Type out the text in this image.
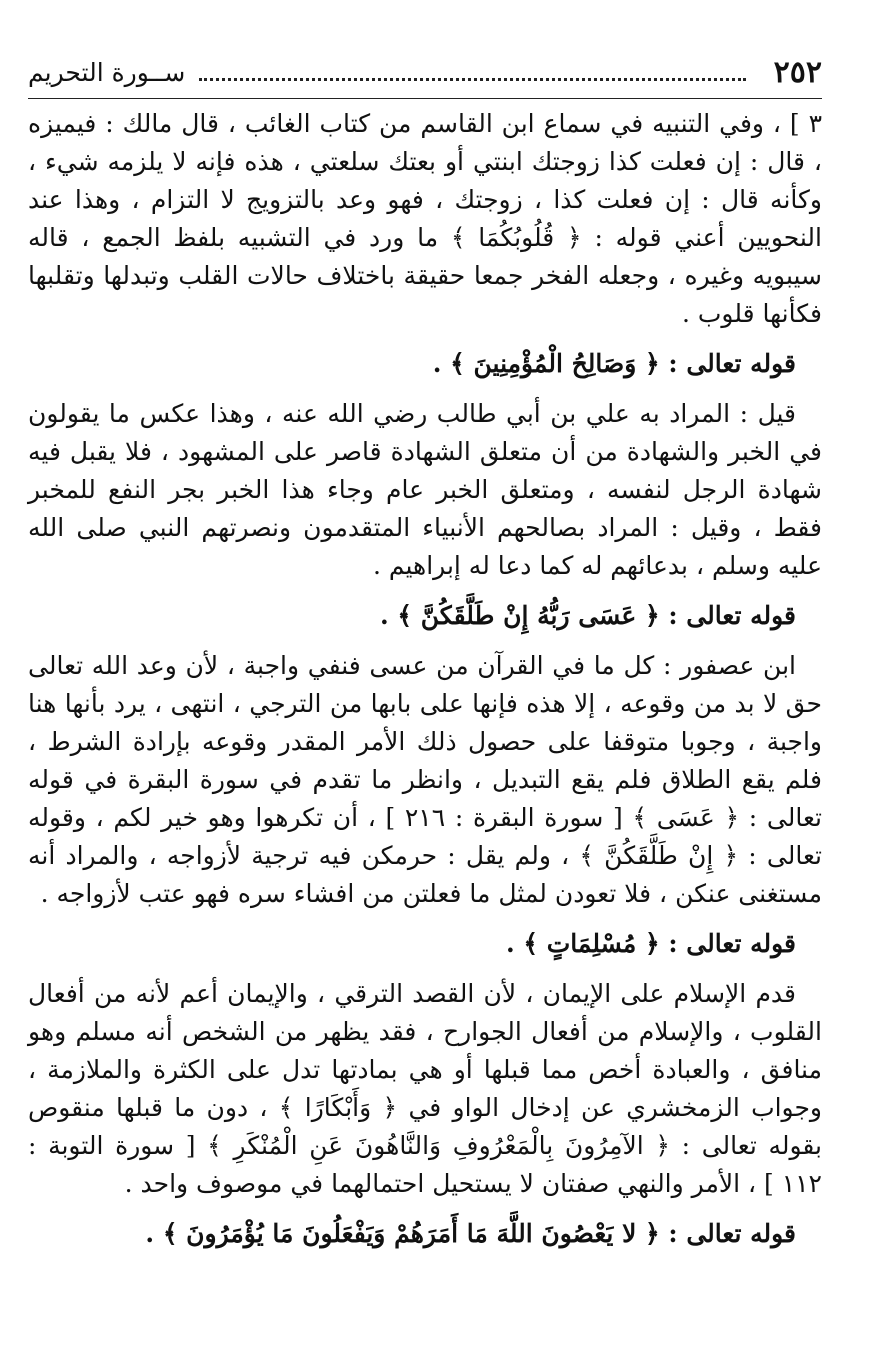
٢٥٢
ســورة التحريم

٣ ] ، وفي التنبيه في سماع ابن القاسم من كتاب الغائب ، قال مالك : فيميزه ، قال : إن فعلت كذا زوجتك ابنتي أو بعتك سلعتي ، هذه فإنه لا يلزمه شيء ، وكأنه قال : إن فعلت كذا ، زوجتك ، فهو وعد بالتزويج لا التزام ، وهذا عند النحويين أعني قوله : ﴿ قُلُوبُكُمَا ﴾ ما ورد في التشبيه بلفظ الجمع ، قاله سيبويه وغيره ، وجعله الفخر جمعا حقيقة باختلاف حالات القلب وتبدلها وتقلبها فكأنها قلوب .

قوله تعالى : ﴿ وَصَالِحُ الْمُؤْمِنِينَ ﴾ .

قيل : المراد به علي بن أبي طالب رضي الله عنه ، وهذا عكس ما يقولون في الخبر والشهادة من أن متعلق الشهادة قاصر على المشهود ، فلا يقبل فيه شهادة الرجل لنفسه ، ومتعلق الخبر عام وجاء هذا الخبر بجر النفع للمخبر فقط ، وقيل : المراد بصالحهم الأنبياء المتقدمون ونصرتهم النبي صلى الله عليه وسلم ، بدعائهم له كما دعا له إبراهيم .

قوله تعالى : ﴿ عَسَى رَبُّهُ إِنْ طَلَّقَكُنَّ ﴾ .

ابن عصفور : كل ما في القرآن من عسى فنفي واجبة ، لأن وعد الله تعالى حق لا بد من وقوعه ، إلا هذه فإنها على بابها من الترجي ، انتهى ، يرد بأنها هنا واجبة ، وجوبا متوقفا على حصول ذلك الأمر المقدر وقوعه بإرادة الشرط ، فلم يقع الطلاق فلم يقع التبديل ، وانظر ما تقدم في سورة البقرة في قوله تعالى : ﴿ عَسَى ﴾ [ سورة البقرة : ٢١٦ ] ، أن تكرهوا وهو خير لكم ، وقوله تعالى : ﴿ إِنْ طَلَّقَكُنَّ ﴾ ، ولم يقل : حرمكن فيه ترجية لأزواجه ، والمراد أنه مستغنى عنكن ، فلا تعودن لمثل ما فعلتن من افشاء سره فهو عتب لأزواجه .

قوله تعالى : ﴿ مُسْلِمَاتٍ ﴾ .

قدم الإسلام على الإيمان ، لأن القصد الترقي ، والإيمان أعم لأنه من أفعال القلوب ، والإسلام من أفعال الجوارح ، فقد يظهر من الشخص أنه مسلم وهو منافق ، والعبادة أخص مما قبلها أو هي بمادتها تدل على الكثرة والملازمة ، وجواب الزمخشري عن إدخال الواو في ﴿ وَأَبْكَارًا ﴾ ، دون ما قبلها منقوص بقوله تعالى : ﴿ الآمِرُونَ بِالْمَعْرُوفِ وَالنَّاهُونَ عَنِ الْمُنْكَرِ ﴾ [ سورة التوبة : ١١٢ ] ، الأمر والنهي صفتان لا يستحيل احتمالهما في موصوف واحد .

قوله تعالى : ﴿ لا يَعْصُونَ اللَّهَ مَا أَمَرَهُمْ وَيَفْعَلُونَ مَا يُؤْمَرُونَ ﴾ .
